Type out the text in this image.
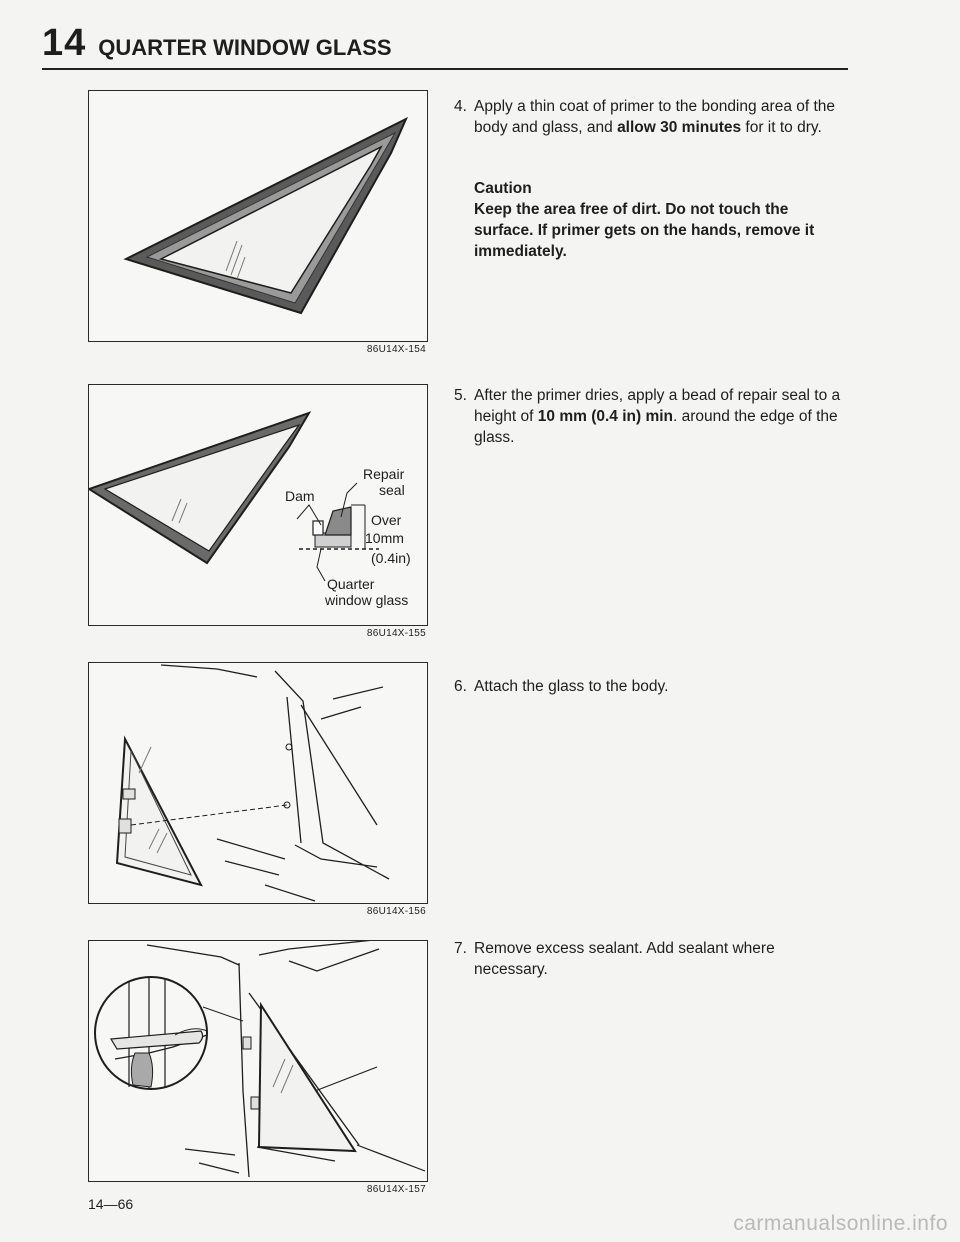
14 QUARTER WINDOW GLASS
86U14X-154
Repair
seal
Dam
Over
10mm
(0.4in)
Quarter
window glass
86U14X-155
86U14X-156
86U14X-157
4. Apply a thin coat of primer to the bonding area of the body and glass, and allow 30 minutes for it to dry.
Caution
Keep the area free of dirt. Do not touch the surface. If primer gets on the hands, remove it immediately.
5. After the primer dries, apply a bead of repair seal to a height of 10 mm (0.4 in) min. around the edge of the glass.
6. Attach the glass to the body.
7. Remove excess sealant. Add sealant where necessary.
14—66
carmanualsonline.info
